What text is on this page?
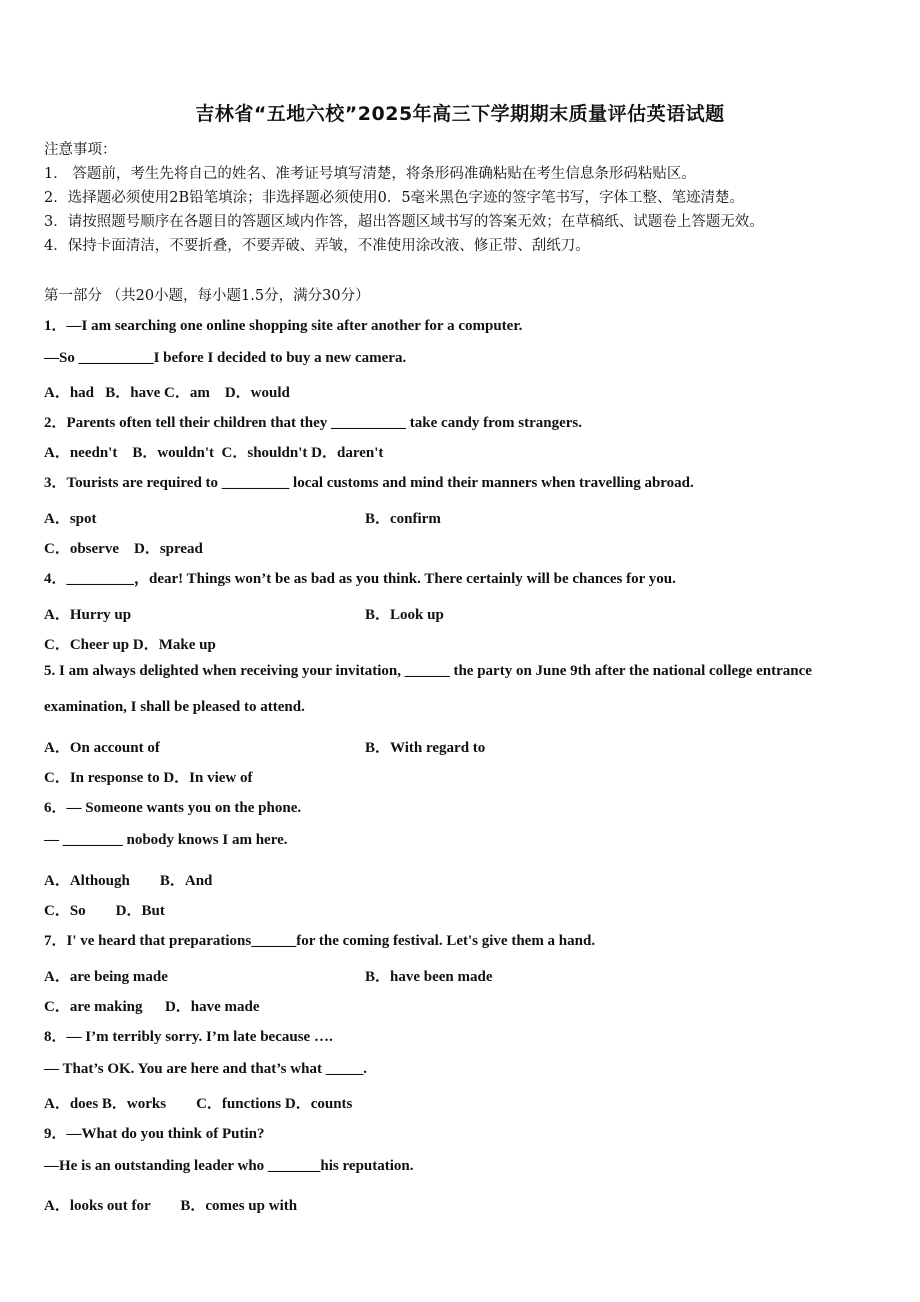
吉林省“五地六校”2025年高三下学期期末质量评估英语试题
注意事项：
1． 答题前，考生先将自己的姓名、准考证号填写清楚，将条形码准确粘贴在考生信息条形码粘贴区。
2．选择题必须使用2B铅笔填涂；非选择题必须使用0．5毫米黑色字迹的签字笔书写，字体工整、笔迹清楚。
3．请按照题号顺序在各题目的答题区域内作答，超出答题区域书写的答案无效；在草稿纸、试题卷上答题无效。
4．保持卡面清洁，不要折叠，不要弄破、弄皱，不准使用涂改液、修正带、刮纸刀。
第一部分 （共20小题，每小题1.5分，满分30分）
1．—I am searching one online shopping site after another for a computer.
—So __________I before I decided to buy a new camera.
A．had   B．have C．am    D．would
2．Parents often tell their children that they __________ take candy from strangers.
A．needn't    B．wouldn't  C．shouldn't D．daren't
3．Tourists are required to _________ local customs and mind their manners when travelling abroad.
A．spot	B．confirm
C．observe    D．spread
4．_________，dear! Things won’t be as bad as you think. There certainly will be chances for you.
A．Hurry up	B．Look up
C．Cheer up D．Make up
5. I am always delighted when receiving your invitation, ______ the party on June 9th after the national college entrance
examination, I shall be pleased to attend.
A．On account of	B．With regard to
C．In response to D．In view of
6．— Someone wants you on the phone.
— ________ nobody knows I am here.
A．Although        B．And
C．So        D．But
7．I' ve heard that preparations______for the coming festival. Let's give them a hand.
A．are being made	B．have been made
C．are making      D．have made
8．— I’m terribly sorry. I’m late because ….
— That’s OK. You are here and that’s what _____.
A．does B．works        C．functions D．counts
9．—What do you think of Putin?
—He is an outstanding leader who _______his reputation.
A．looks out for        B．comes up with
